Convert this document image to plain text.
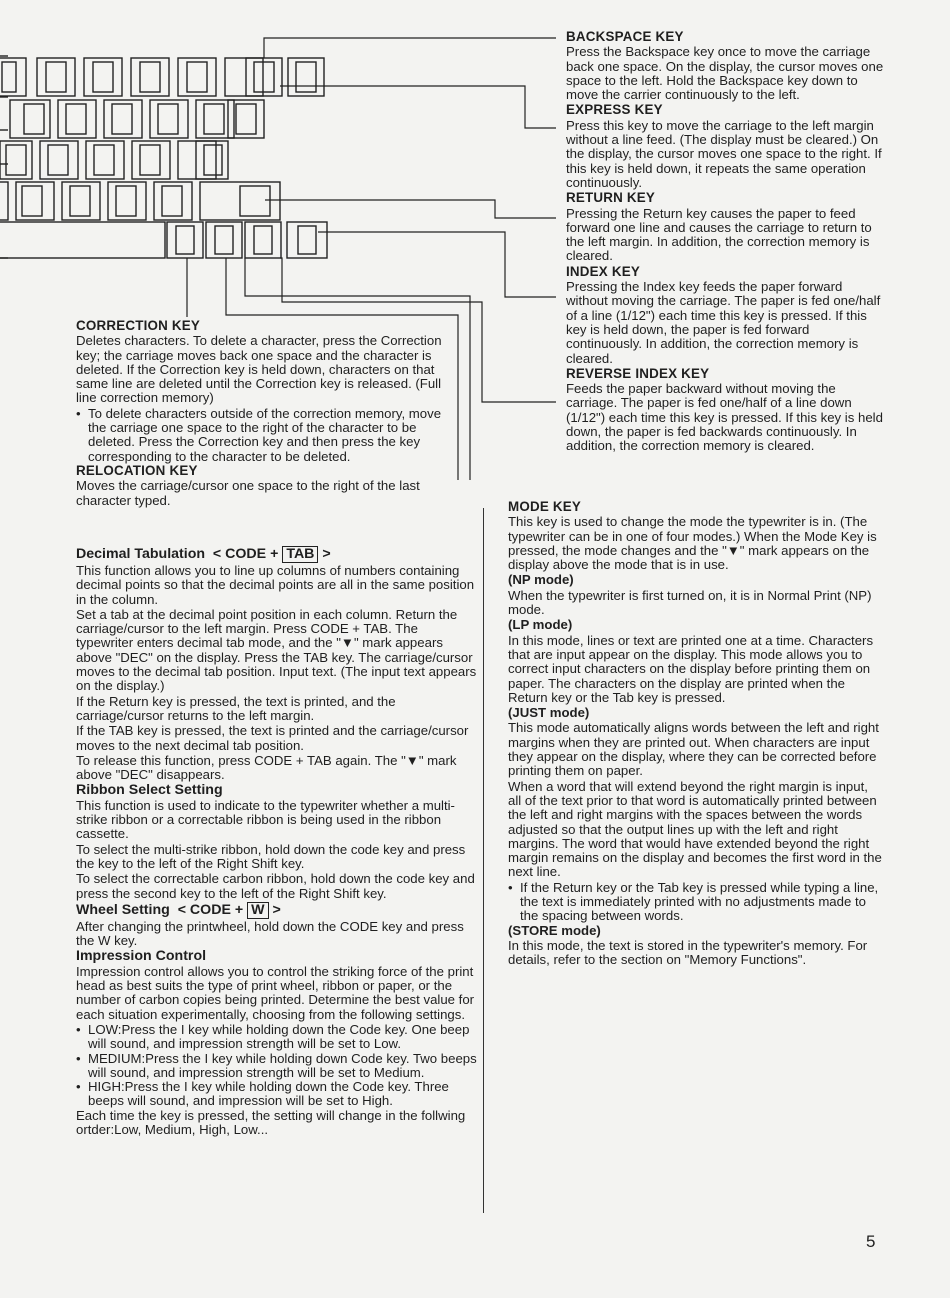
BACKSPACE KEY

Press the Backspace key once to move the carriage back one space. On the display, the cursor moves one space to the left. Hold the Backspace key down to move the carrier continuously to the left.

EXPRESS KEY

Press this key to move the carriage to the left margin without a line feed. (The display must be cleared.) On the display, the cursor moves one space to the right. If this key is held down, it repeats the same operation continuously.

RETURN KEY

Pressing the Return key causes the paper to feed forward one line and causes the carriage to return to the left margin. In addition, the correction memory is cleared.

INDEX KEY

Pressing the Index key feeds the paper forward without moving the carriage. The paper is fed one/half of a line (1/12") each time this key is pressed. If this key is held down, the paper is fed forward continuously. In addition, the correction memory is cleared.

REVERSE INDEX KEY

Feeds the paper backward without moving the carriage. The paper is fed one/half of a line down (1/12") each time this key is pressed. If this key is held down, the paper is fed backwards continuously. In addition, the correction memory is cleared.

MODE KEY

This key is used to change the mode the typewriter is in. (The typewriter can be in one of four modes.) When the Mode Key is pressed, the mode changes and the "▼" mark appears on the display above the mode that is in use.

(NP mode)

When the typewriter is first turned on, it is in Normal Print (NP) mode.

(LP mode)

In this mode, lines or text are printed one at a time. Characters that are input appear on the display. This mode allows you to correct input characters on the display before printing them on paper. The characters on the display are printed when the Return key or the Tab key is pressed.

(JUST mode)

This mode automatically aligns words between the left and right margins when they are printed out. When characters are input they appear on the display, where they can be corrected before printing them on paper.

When a word that will extend beyond the right margin is input, all of the text prior to that word is automatically printed between the left and right margins with the spaces between the words adjusted so that the output lines up with the left and right margins. The word that would have extended beyond the right margin remains on the display and becomes the first word in the next line.

• If the Return key or the Tab key is pressed while typing a line, the text is immediately printed with no adjustments made to the spacing between words.

(STORE mode)

In this mode, the text is stored in the typewriter's memory. For details, refer to the section on "Memory Functions".

CORRECTION KEY

Deletes characters. To delete a character, press the Correction key; the carriage moves back one space and the character is deleted. If the Correction key is held down, characters on that same line are deleted until the Correction key is released. (Full line correction memory)

• To delete characters outside of the correction memory, move the carriage one space to the right of the character to be deleted. Press the Correction key and then press the key corresponding to the character to be deleted.

RELOCATION KEY

Moves the carriage/cursor one space to the right of the last character typed.

Decimal Tabulation < CODE + TAB >

This function allows you to line up columns of numbers containing decimal points so that the decimal points are all in the same position in the column.

Set a tab at the decimal point position in each column. Return the carriage/cursor to the left margin. Press CODE + TAB. The typewriter enters decimal tab mode, and the "▼" mark appears above "DEC" on the display. Press the TAB key. The carriage/cursor moves to the decimal tab position. Input text. (The input text appears on the display.)

If the Return key is pressed, the text is printed, and the carriage/cursor returns to the left margin.

If the TAB key is pressed, the text is printed and the carriage/cursor moves to the next decimal tab position.

To release this function, press CODE + TAB again. The "▼" mark above "DEC" disappears.

Ribbon Select Setting

This function is used to indicate to the typewriter whether a multi-strike ribbon or a correctable ribbon is being used in the ribbon cassette.

To select the multi-strike ribbon, hold down the code key and press the key to the left of the Right Shift key.

To select the correctable carbon ribbon, hold down the code key and press the second key to the left of the Right Shift key.

Wheel Setting < CODE + W >

After changing the printwheel, hold down the CODE key and press the W key.

Impression Control

Impression control allows you to control the striking force of the print head as best suits the type of print wheel, ribbon or paper, or the number of carbon copies being printed. Determine the best value for each situation experimentally, choosing from the following settings.

• LOW:Press the I key while holding down the Code key. One beep will sound, and impression strength will be set to Low.
• MEDIUM:Press the I key while holding down Code key. Two beeps will sound, and impression strength will be set to Medium.
• HIGH:Press the I key while holding down the Code key. Three beeps will sound, and impression will be set to High.

Each time the key is pressed, the setting will change in the follwing ortder:Low, Medium, High, Low...

5
